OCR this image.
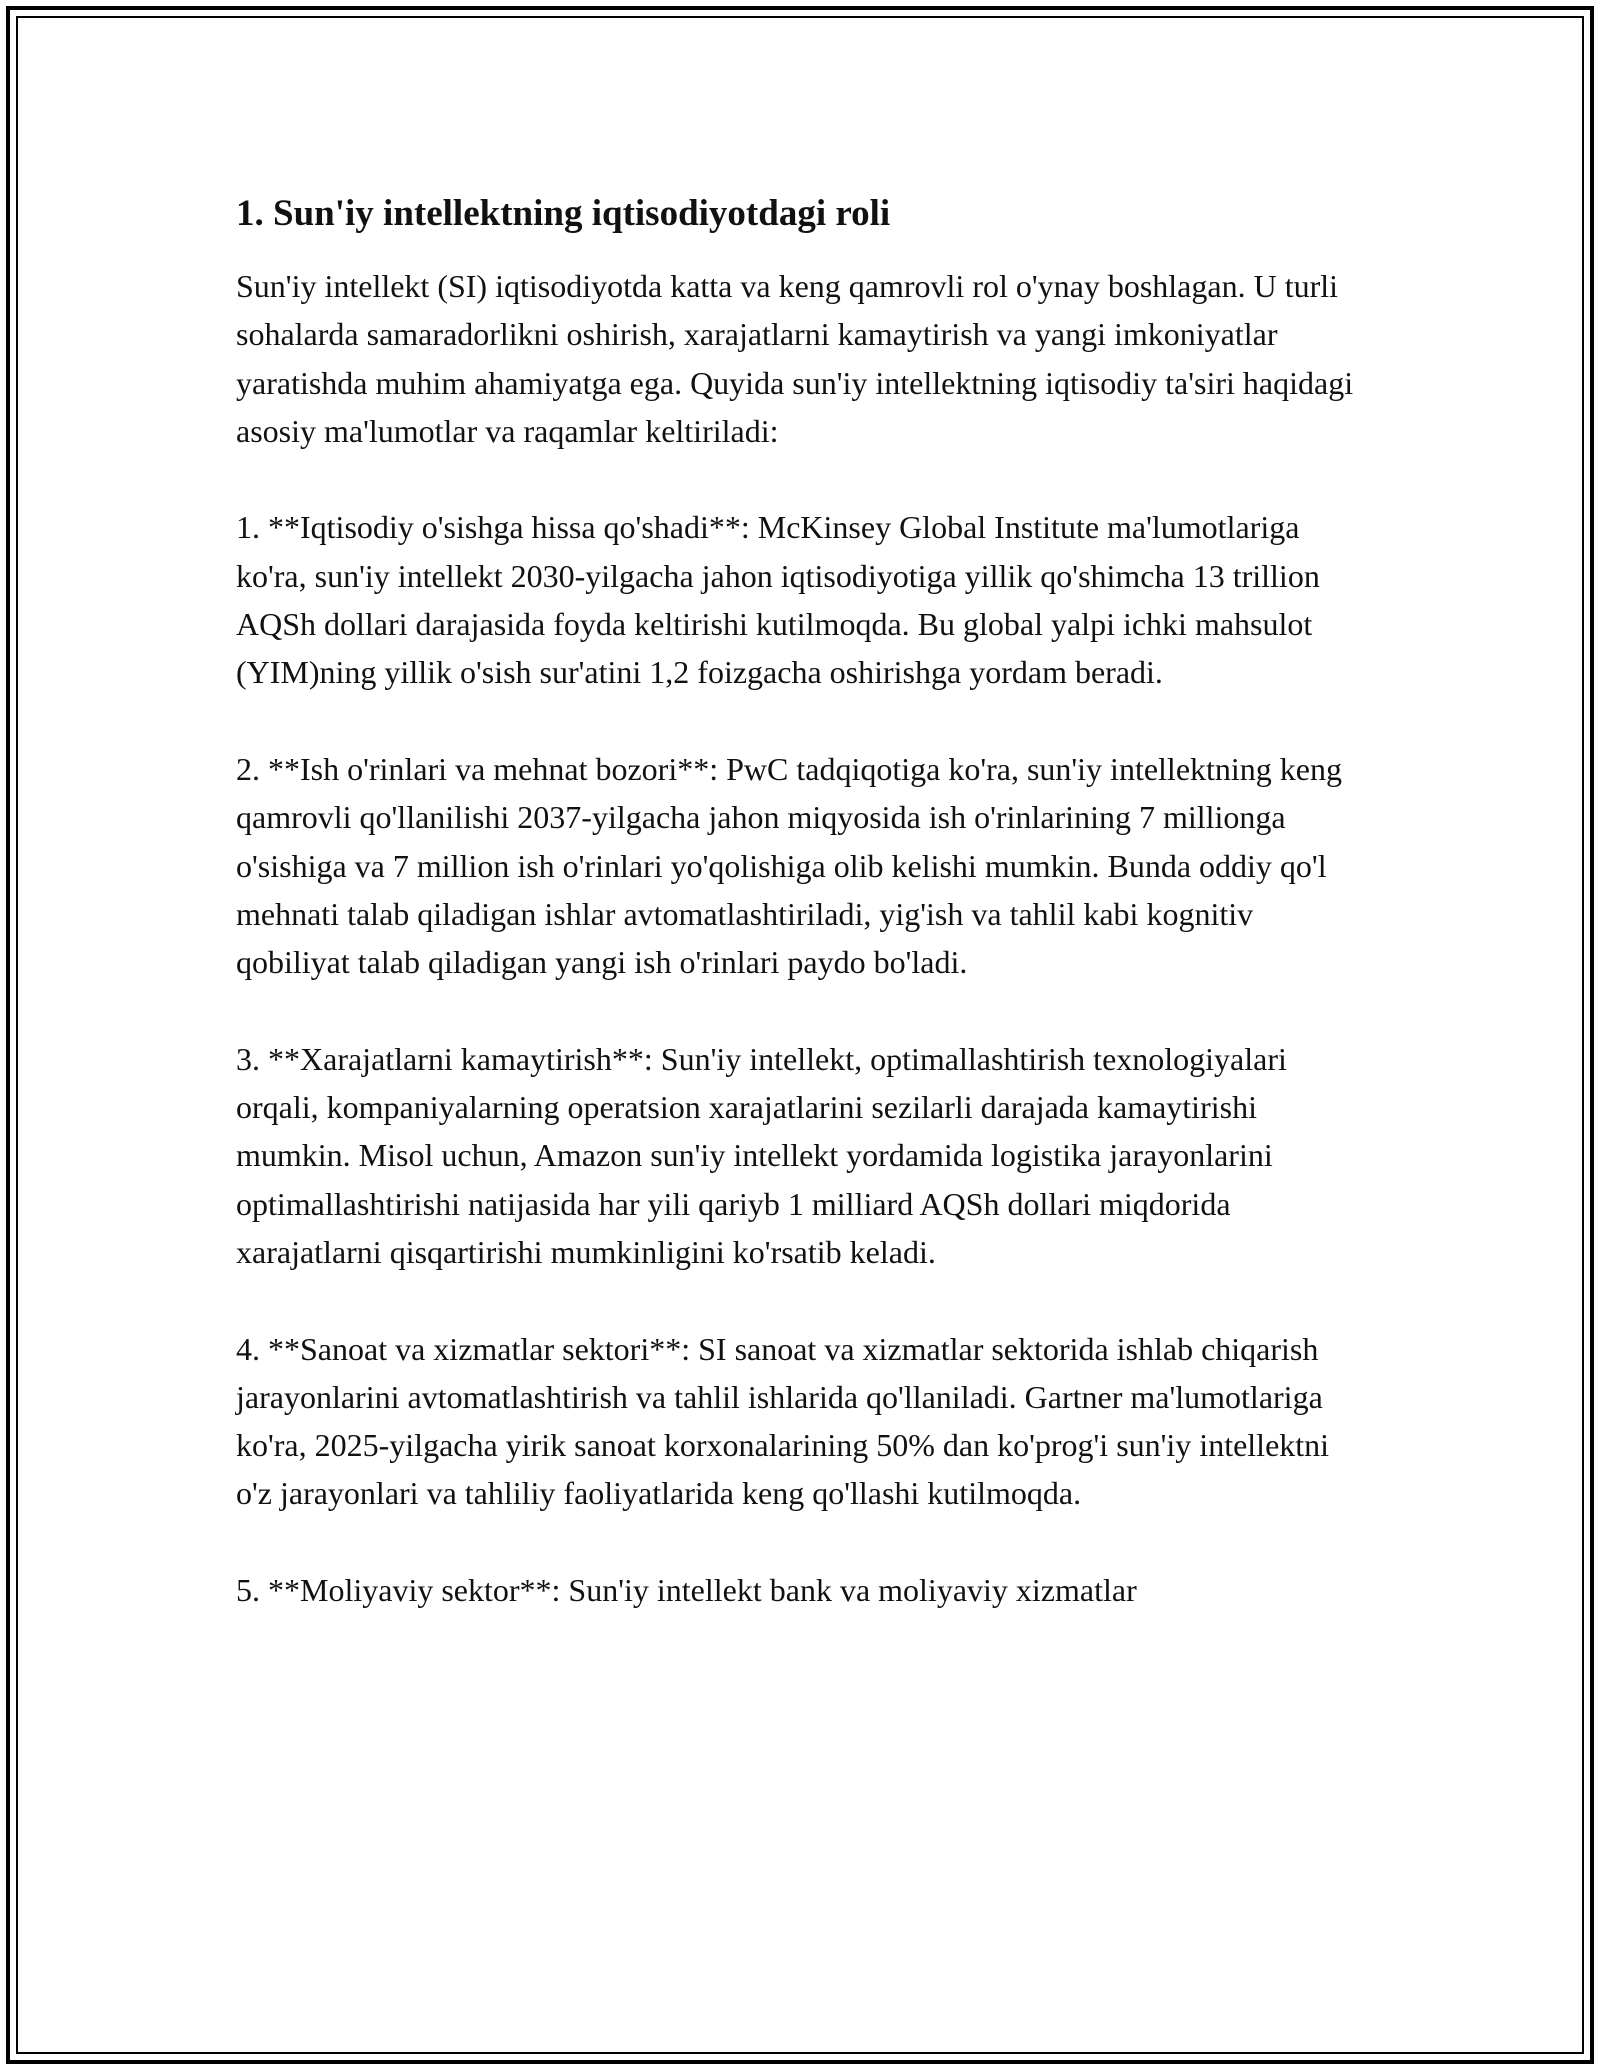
1. Sun'iy intellektning iqtisodiyotdagi roli

Sun'iy intellekt (SI) iqtisodiyotda katta va keng qamrovli rol o'ynay boshlagan. U turli sohalarda samaradorlikni oshirish, xarajatlarni kamaytirish va yangi imkoniyatlar yaratishda muhim ahamiyatga ega. Quyida sun'iy intellektning iqtisodiy ta'siri haqidagi asosiy ma'lumotlar va raqamlar keltiriladi:

1. **Iqtisodiy o'sishga hissa qo'shadi**: McKinsey Global Institute ma'lumotlariga ko'ra, sun'iy intellekt 2030-yilgacha jahon iqtisodiyotiga yillik qo'shimcha 13 trillion AQSh dollari darajasida foyda keltirishi kutilmoqda. Bu global yalpi ichki mahsulot (YIM)ning yillik o'sish sur'atini 1,2 foizgacha oshirishga yordam beradi.

2. **Ish o'rinlari va mehnat bozori**: PwC tadqiqotiga ko'ra, sun'iy intellektning keng qamrovli qo'llanilishi 2037-yilgacha jahon miqyosida ish o'rinlarining 7 millionga o'sishiga va 7 million ish o'rinlari yo'qolishiga olib kelishi mumkin. Bunda oddiy qo'l mehnati talab qiladigan ishlar avtomatlashtiriladi, yig'ish va tahlil kabi kognitiv qobiliyat talab qiladigan yangi ish o'rinlari paydo bo'ladi.

3. **Xarajatlarni kamaytirish**: Sun'iy intellekt, optimallashtirish texnologiyalari orqali, kompaniyalarning operatsion xarajatlarini sezilarli darajada kamaytirishi mumkin. Misol uchun, Amazon sun'iy intellekt yordamida logistika jarayonlarini optimallashtirishi natijasida har yili qariyb 1 milliard AQSh dollari miqdorida xarajatlarni qisqartirishi mumkinligini ko'rsatib keladi.

4. **Sanoat va xizmatlar sektori**: SI sanoat va xizmatlar sektorida ishlab chiqarish jarayonlarini avtomatlashtirish va tahlil ishlarida qo'llaniladi. Gartner ma'lumotlariga ko'ra, 2025-yilgacha yirik sanoat korxonalarining 50% dan ko'prog'i sun'iy intellektni o'z jarayonlari va tahliliy faoliyatlarida keng qo'llashi kutilmoqda.

5. **Moliyaviy sektor**: Sun'iy intellekt bank va moliyaviy xizmatlar
